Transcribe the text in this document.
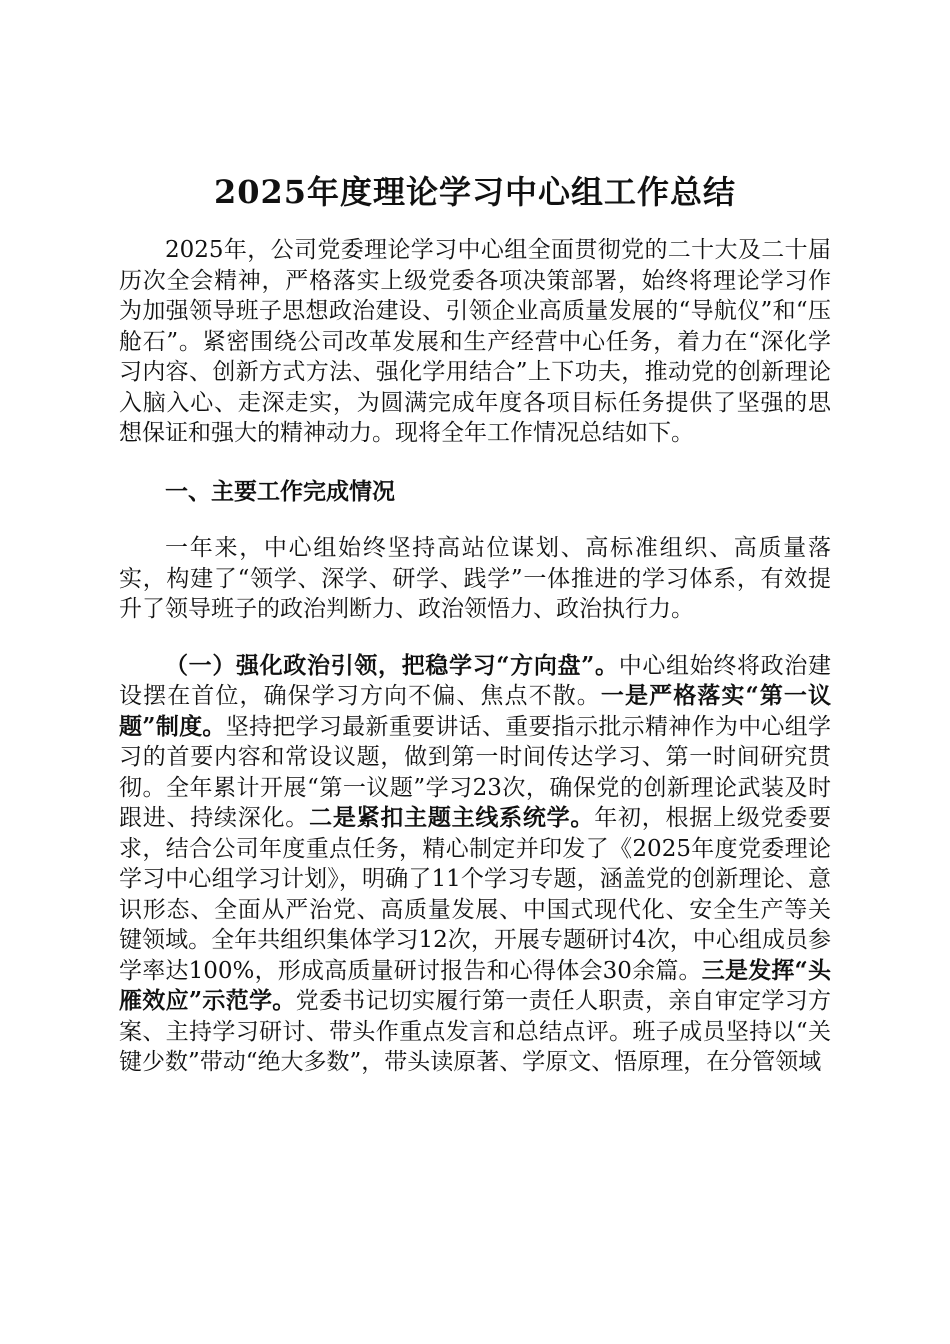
2025年度理论学习中心组工作总结

2025年，公司党委理论学习中心组全面贯彻党的二十大及二十届历次全会精神，严格落实上级党委各项决策部署，始终将理论学习作为加强领导班子思想政治建设、引领企业高质量发展的“导航仪”和“压舱石”。紧密围绕公司改革发展和生产经营中心任务，着力在“深化学习内容、创新方式方法、强化学用结合”上下功夫，推动党的创新理论入脑入心、走深走实，为圆满完成年度各项目标任务提供了坚强的思想保证和强大的精神动力。现将全年工作情况总结如下。

一、主要工作完成情况

一年来，中心组始终坚持高站位谋划、高标准组织、高质量落实，构建了“领学、深学、研学、践学”一体推进的学习体系，有效提升了领导班子的政治判断力、政治领悟力、政治执行力。

（一）强化政治引领，把稳学习“方向盘”。中心组始终将政治建设摆在首位，确保学习方向不偏、焦点不散。一是严格落实“第一议题”制度。坚持把学习最新重要讲话、重要指示批示精神作为中心组学习的首要内容和常设议题，做到第一时间传达学习、第一时间研究贯彻。全年累计开展“第一议题”学习23次，确保党的创新理论武装及时跟进、持续深化。二是紧扣主题主线系统学。年初，根据上级党委要求，结合公司年度重点任务，精心制定并印发了《2025年度党委理论学习中心组学习计划》，明确了11个学习专题，涵盖党的创新理论、意识形态、全面从严治党、高质量发展、中国式现代化、安全生产等关键领域。全年共组织集体学习12次，开展专题研讨4次，中心组成员参学率达100%，形成高质量研讨报告和心得体会30余篇。三是发挥“头雁效应”示范学。党委书记切实履行第一责任人职责，亲自审定学习方案、主持学习研讨、带头作重点发言和总结点评。班子成员坚持以“关键少数”带动“绝大多数”，带头读原著、学原文、悟原理，在分管领域
